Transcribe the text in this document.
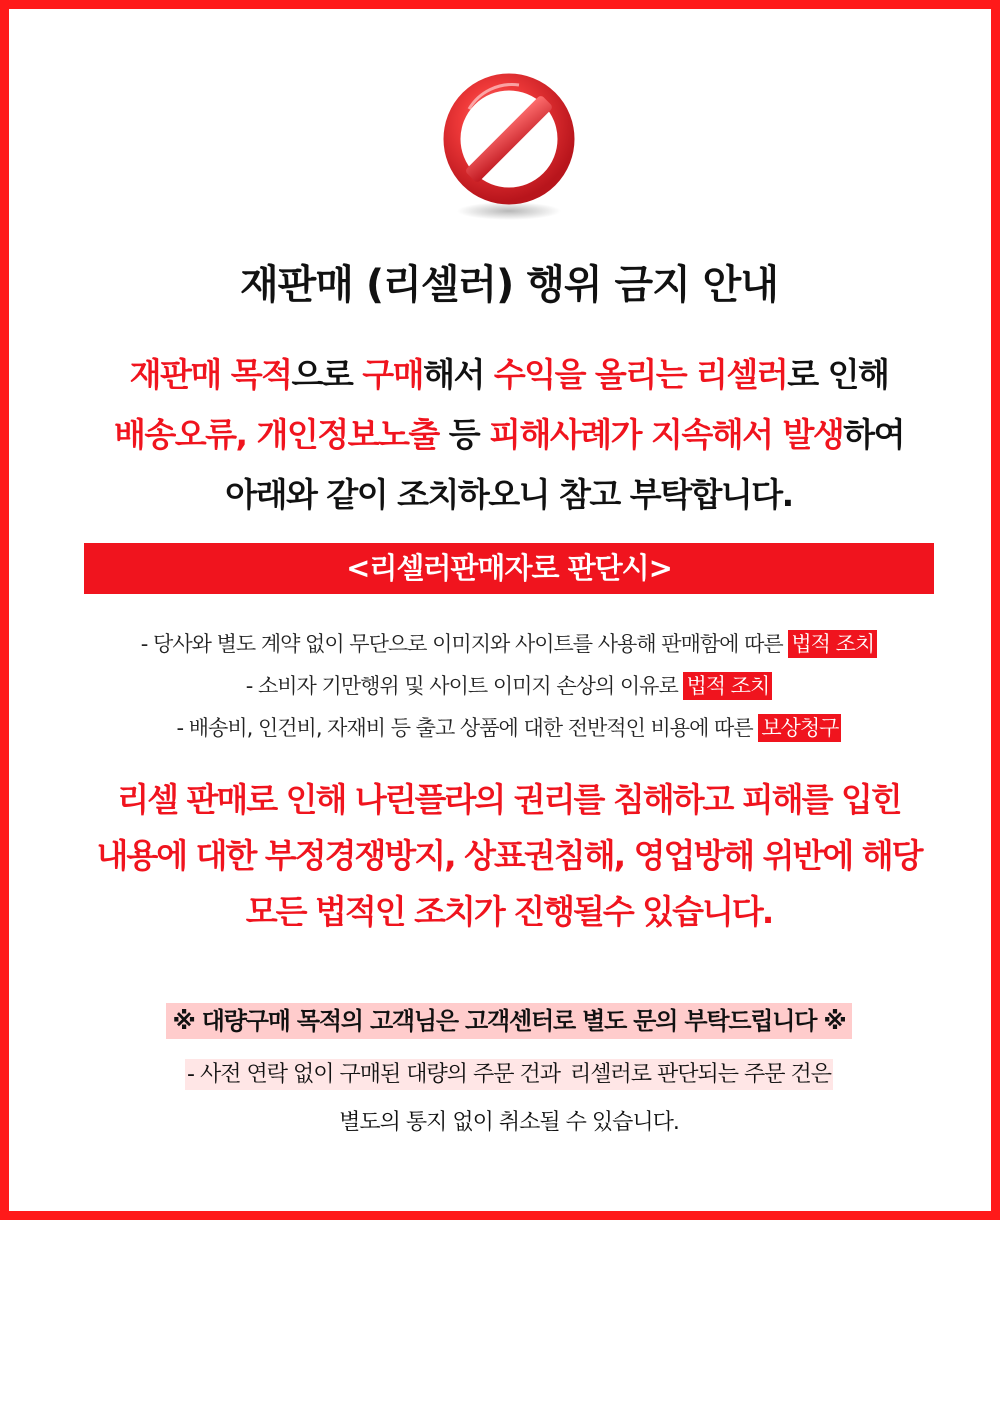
재판매 (리셀러) 행위 금지 안내
재판매 목적으로 구매해서 수익을 올리는 리셀러로 인해
배송오류, 개인정보노출 등 피해사례가 지속해서 발생하여
아래와 같이 조치하오니 참고 부탁합니다.
<리셀러판매자로 판단시>
- 당사와 별도 계약 없이 무단으로 이미지와 사이트를 사용해 판매함에 따른 법적 조치
- 소비자 기만행위 및 사이트 이미지 손상의 이유로 법적 조치
- 배송비, 인건비, 자재비 등 출고 상품에 대한 전반적인 비용에 따른 보상청구
리셀 판매로 인해 나린플라의 권리를 침해하고 피해를 입힌
내용에 대한 부정경쟁방지, 상표권침해, 영업방해 위반에 해당
모든 법적인 조치가 진행될수 있습니다.
※ 대량구매 목적의 고객님은 고객센터로 별도 문의 부탁드립니다 ※
- 사전 연락 없이 구매된 대량의 주문 건과 리셀러로 판단되는 주문 건은
별도의 통지 없이 취소될 수 있습니다.
